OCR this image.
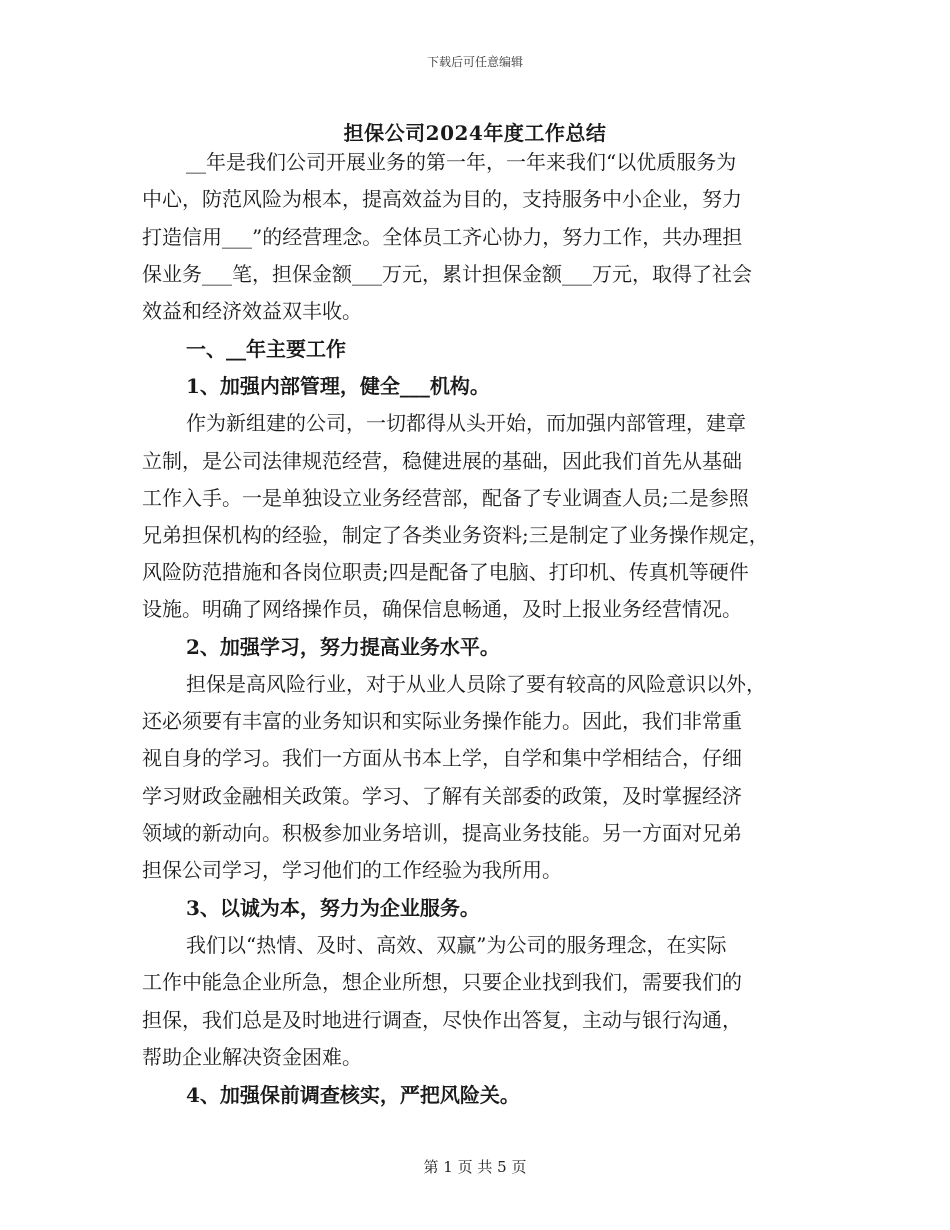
下载后可任意编辑
担保公司2024年度工作总结
__年是我们公司开展业务的第一年，一年来我们“以优质服务为
中心，防范风险为根本，提高效益为目的，支持服务中小企业，努力
打造信用___”的经营理念。全体员工齐心协力，努力工作，共办理担
保业务___笔，担保金额___万元，累计担保金额___万元，取得了社会
效益和经济效益双丰收。
一、__年主要工作
1、加强内部管理，健全___机构。
作为新组建的公司，一切都得从头开始，而加强内部管理，建章
立制，是公司法律规范经营，稳健进展的基础，因此我们首先从基础
工作入手。一是单独设立业务经营部，配备了专业调查人员;二是参照
兄弟担保机构的经验，制定了各类业务资料;三是制定了业务操作规定，
风险防范措施和各岗位职责;四是配备了电脑、打印机、传真机等硬件
设施。明确了网络操作员，确保信息畅通，及时上报业务经营情况。
2、加强学习，努力提高业务水平。
担保是高风险行业，对于从业人员除了要有较高的风险意识以外，
还必须要有丰富的业务知识和实际业务操作能力。因此，我们非常重
视自身的学习。我们一方面从书本上学，自学和集中学相结合，仔细
学习财政金融相关政策。学习、了解有关部委的政策，及时掌握经济
领域的新动向。积极参加业务培训，提高业务技能。另一方面对兄弟
担保公司学习，学习他们的工作经验为我所用。
3、以诚为本，努力为企业服务。
我们以“热情、及时、高效、双赢”为公司的服务理念，在实际
工作中能急企业所急，想企业所想，只要企业找到我们，需要我们的
担保，我们总是及时地进行调查，尽快作出答复，主动与银行沟通，
帮助企业解决资金困难。
4、加强保前调查核实，严把风险关。
第 1 页 共 5 页
